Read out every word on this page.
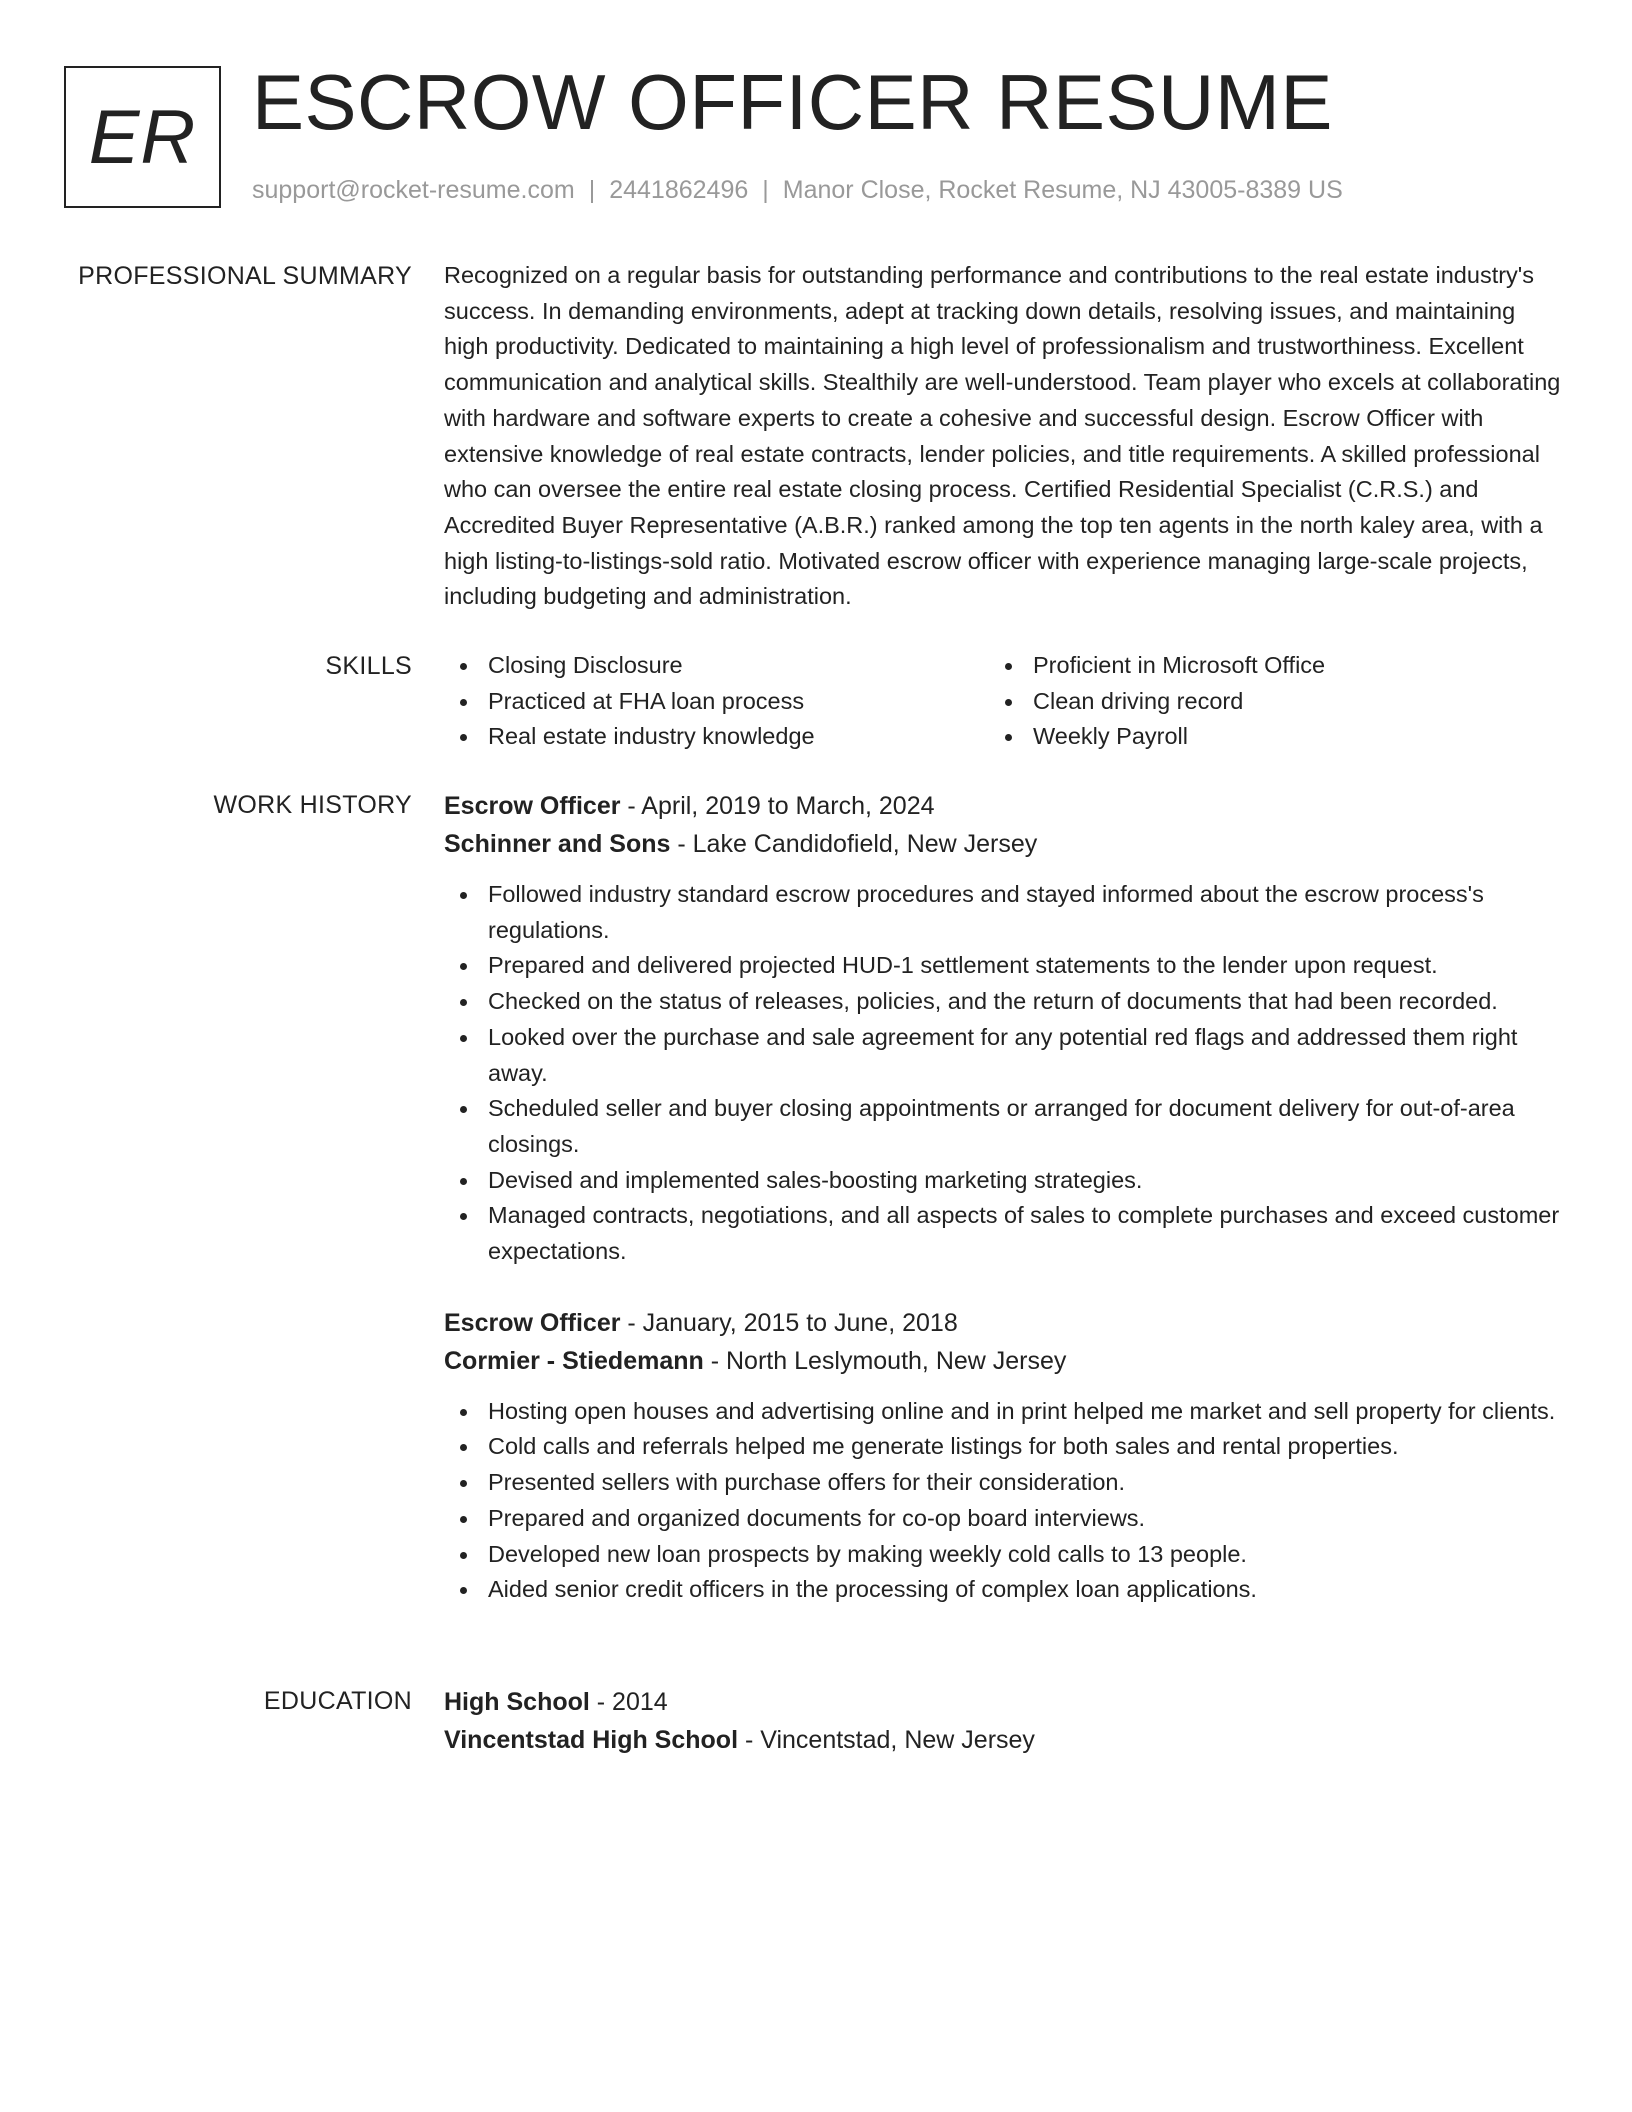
ER ESCROW OFFICER RESUME
support@rocket-resume.com | 2441862496 | Manor Close, Rocket Resume, NJ 43005-8389 US
PROFESSIONAL SUMMARY Recognized on a regular basis for outstanding performance and contributions to the real estate industry's success. In demanding environments, adept at tracking down details, resolving issues, and maintaining high productivity. Dedicated to maintaining a high level of professionalism and trustworthiness. Excellent communication and analytical skills. Stealthily are well-understood. Team player who excels at collaborating with hardware and software experts to create a cohesive and successful design. Escrow Officer with extensive knowledge of real estate contracts, lender policies, and title requirements. A skilled professional who can oversee the entire real estate closing process. Certified Residential Specialist (C.R.S.) and Accredited Buyer Representative (A.B.R.) ranked among the top ten agents in the north kaley area, with a high listing-to-listings-sold ratio. Motivated escrow officer with experience managing large-scale projects, including budgeting and administration.

SKILLS	Closing Disclosure
Practiced at FHA loan process
Real estate industry knowledge
Proficient in Microsoft Office
Clean driving record
Weekly Payroll
WORK HISTORY Escrow Officer - April, 2019 to March, 2024
Schinner and Sons - Lake Candidofield, New Jersey
Followed industry standard escrow procedures and stayed informed about the escrow process's regulations.
Prepared and delivered projected HUD-1 settlement statements to the lender upon request.
Checked on the status of releases, policies, and the return of documents that had been recorded.
Looked over the purchase and sale agreement for any potential red flags and addressed them right away.
Scheduled seller and buyer closing appointments or arranged for document delivery for out-of-area closings.
Devised and implemented sales-boosting marketing strategies.
Managed contracts, negotiations, and all aspects of sales to complete purchases and exceed customer expectations.
Escrow Officer - January, 2015 to June, 2018
Cormier - Stiedemann - North Leslymouth, New Jersey
Hosting open houses and advertising online and in print helped me market and sell property for clients.
Cold calls and referrals helped me generate listings for both sales and rental properties.
Presented sellers with purchase offers for their consideration.
Prepared and organized documents for co-op board interviews.
Developed new loan prospects by making weekly cold calls to 13 people.
Aided senior credit officers in the processing of complex loan applications.
EDUCATION High School - 2014
Vincentstad High School - Vincentstad, New Jersey
